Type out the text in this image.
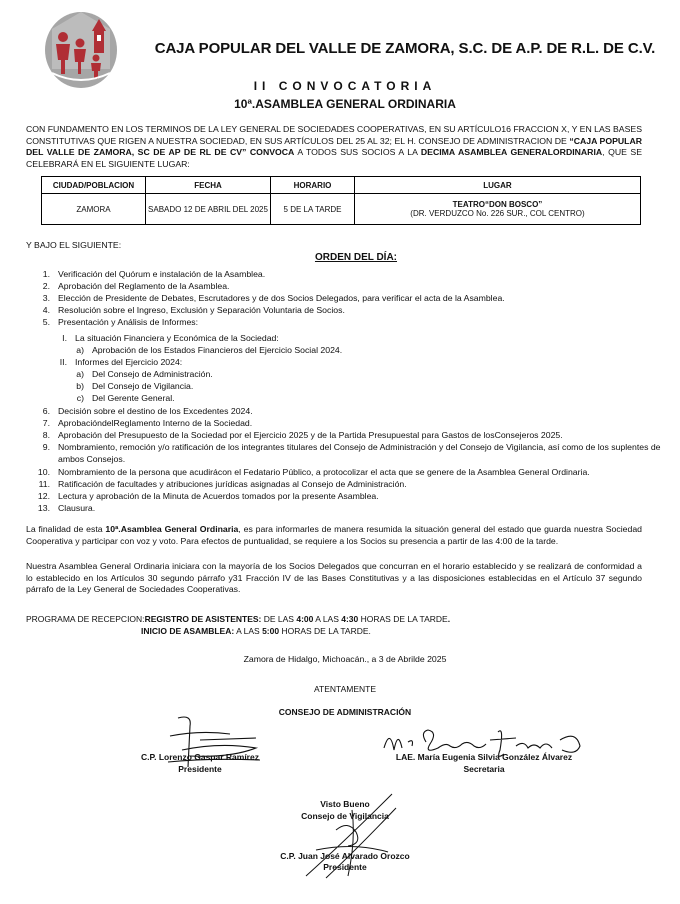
CAJA POPULAR DEL VALLE DE ZAMORA, S.C. DE A.P. DE R.L. DE C.V.
II CONVOCATORIA
10ª.ASAMBLEA GENERAL ORDINARIA
CON FUNDAMENTO EN LOS TERMINOS DE LA LEY GENERAL DE SOCIEDADES COOPERATIVAS, EN SU ARTÍCULO16 FRACCION X, Y EN LAS BASES CONSTITUTIVAS QUE RIGEN A NUESTRA SOCIEDAD, EN SUS ARTÍCULOS DEL 25 AL 32; EL H. CONSEJO DE ADMINISTRACION DE “CAJA POPULAR DEL VALLE DE ZAMORA, SC DE AP DE RL DE CV” CONVOCA A TODOS SUS SOCIOS A LA DECIMA ASAMBLEA GENERALORDINARIA, QUE SE CELEBRARÁ EN EL SIGUIENTE LUGAR:
CIUDAD/POBLACION	FECHA	HORARIO	LUGAR
ZAMORA	SABADO 12 DE ABRIL DEL 2025	5 DE LA TARDE	TEATRO“DON BOSCO”
(DR. VERDUZCO No. 226 SUR., COL CENTRO)
Y BAJO EL SIGUIENTE:
ORDEN DEL DÍA:
1. Verificación del Quórum e instalación de la Asamblea.
2. Aprobación del Reglamento de la Asamblea.
3. Elección de Presidente de Debates, Escrutadores y de dos Socios Delegados, para verificar el acta de la Asamblea.
4. Resolución sobre el Ingreso, Exclusión y Separación Voluntaria de Socios.
5. Presentación y Análisis de Informes:
I. La situación Financiera y Económica de la Sociedad:
a) Aprobación de los Estados Financieros del Ejercicio Social 2024.
II. Informes del Ejercicio 2024:
a) Del Consejo de Administración.
b) Del Consejo de Vigilancia.
c) Del Gerente General.
6. Decisión sobre el destino de los Excedentes 2024.
7. AprobacióndelReglamento Interno de la Sociedad.
8. Aprobación del Presupuesto de la Sociedad por el Ejercicio 2025 y de la Partida Presupuestal para Gastos de losConsejeros 2025.
9. Nombramiento, remoción y/o ratificación de los integrantes titulares del Consejo de Administración y del Consejo de Vigilancia, así como de los suplentes de
ambos Consejos.
10. Nombramiento de la persona que acudirácon el Fedatario Público, a protocolizar el acta que se genere de la Asamblea General Ordinaria.
11. Ratificación de facultades y atribuciones jurídicas asignadas al Consejo de Administración.
12. Lectura y aprobación de la Minuta de Acuerdos tomados por la presente Asamblea.
13. Clausura.
La finalidad de esta 10ª.Asamblea General Ordinaria, es para informarles de manera resumida la situación general del estado que guarda nuestra Sociedad Cooperativa y participar con voz y voto. Para efectos de puntualidad, se requiere a los Socios su presencia a partir de las 4:00 de la tarde.
Nuestra Asamblea General Ordinaria iniciara con la mayoría de los Socios Delegados que concurran en el horario establecido y se realizará de conformidad a lo establecido en los Artículos 30 segundo párrafo y31 Fracción IV de las Bases Constitutivas y a las disposiciones establecidas en el Artículo 37 segundo párrafo de la Ley General de Sociedades Cooperativas.
PROGRAMA DE RECEPCION:REGISTRO DE ASISTENTES: DE LAS 4:00 A LAS 4:30 HORAS DE LA TARDE.
INICIO DE ASAMBLEA: A LAS 5:00 HORAS DE LA TARDE.
Zamora de Hidalgo, Michoacán., a 3 de Abrilde 2025
ATENTAMENTE
CONSEJO DE ADMINISTRACIÓN
C.P. Lorenzo Gaspar Ramírez
Presidente
LAE. María Eugenia Silvia González Álvarez
Secretaria
Visto Bueno
Consejo de Vigilancia
C.P. Juan José Alvarado Orozco
Presidente
